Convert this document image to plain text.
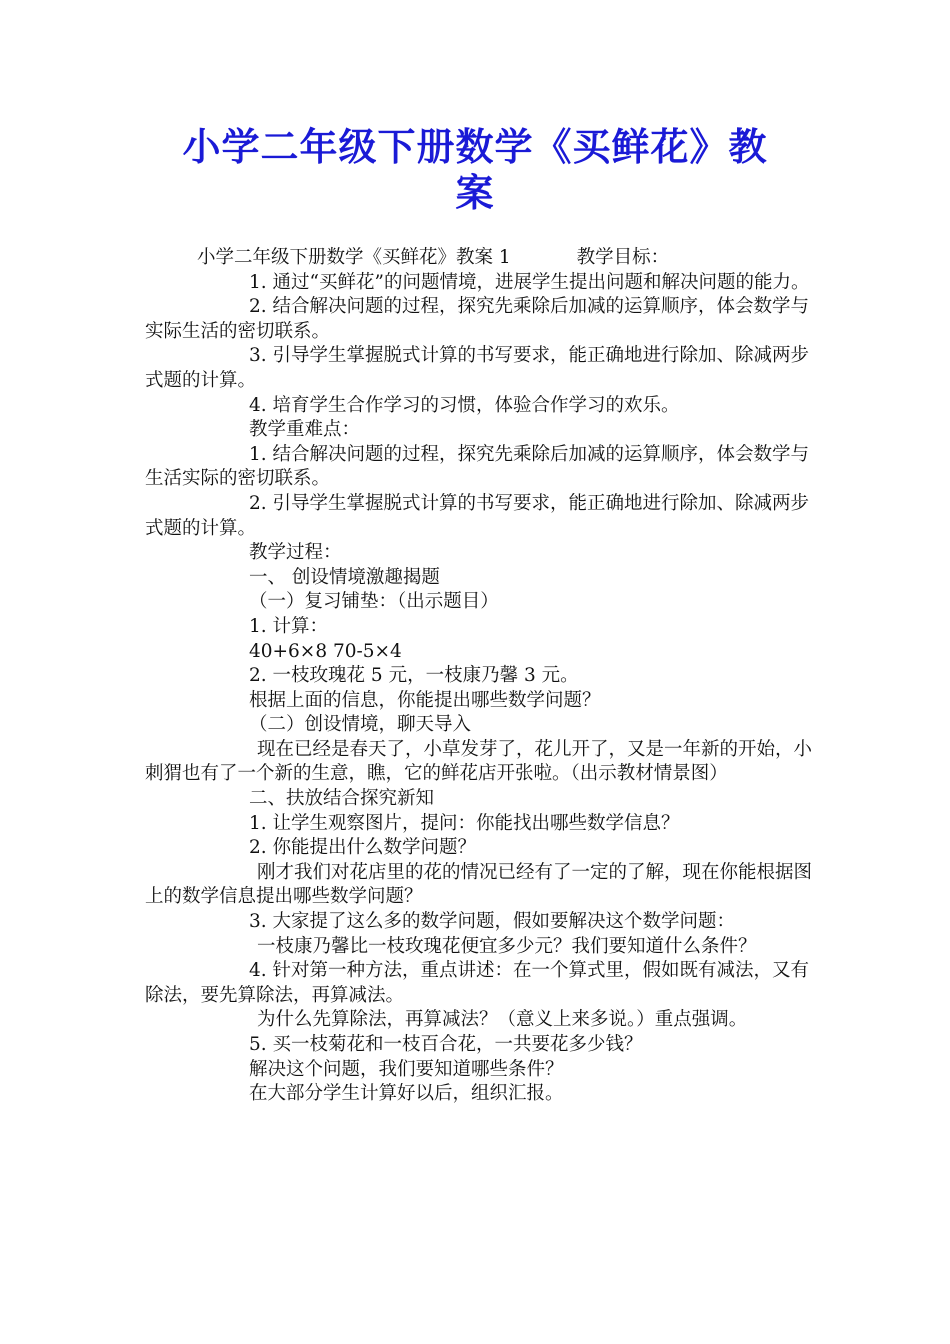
小学二年级下册数学《买鲜花》教
案

小学二年级下册数学《买鲜花》教案 1	教学目标：

1. 通过“买鲜花”的问题情境，进展学生提出问题和解决问题的能力。

2. 结合解决问题的过程，探究先乘除后加减的运算顺序，体会数学与实际生活的密切联系。

3. 引导学生掌握脱式计算的书写要求，能正确地进行除加、除减两步式题的计算。

4. 培育学生合作学习的习惯，体验合作学习的欢乐。

教学重难点：

1. 结合解决问题的过程，探究先乘除后加减的运算顺序，体会数学与生活实际的密切联系。

2. 引导学生掌握脱式计算的书写要求，能正确地进行除加、除减两步式题的计算。

教学过程：

一、 创设情境激趣揭题

（一）复习铺垫：（出示题目）

1. 计算：

40+6×8 70-5×4

2. 一枝玫瑰花 5 元，一枝康乃馨 3 元。

根据上面的信息，你能提出哪些数学问题？

（二）创设情境，聊天导入

现在已经是春天了，小草发芽了，花儿开了，又是一年新的开始，小刺猬也有了一个新的生意，瞧，它的鲜花店开张啦。（出示教材情景图）

二、扶放结合探究新知

1. 让学生观察图片，提问：你能找出哪些数学信息？

2. 你能提出什么数学问题？

刚才我们对花店里的花的情况已经有了一定的了解，现在你能根据图上的数学信息提出哪些数学问题？

3. 大家提了这么多的数学问题，假如要解决这个数学问题：

一枝康乃馨比一枝玫瑰花便宜多少元？我们要知道什么条件？

4. 针对第一种方法，重点讲述：在一个算式里，假如既有减法，又有除法，要先算除法，再算减法。

为什么先算除法，再算减法？（意义上来多说。）重点强调。

5. 买一枝菊花和一枝百合花，一共要花多少钱？

解决这个问题，我们要知道哪些条件？

在大部分学生计算好以后，组织汇报。
